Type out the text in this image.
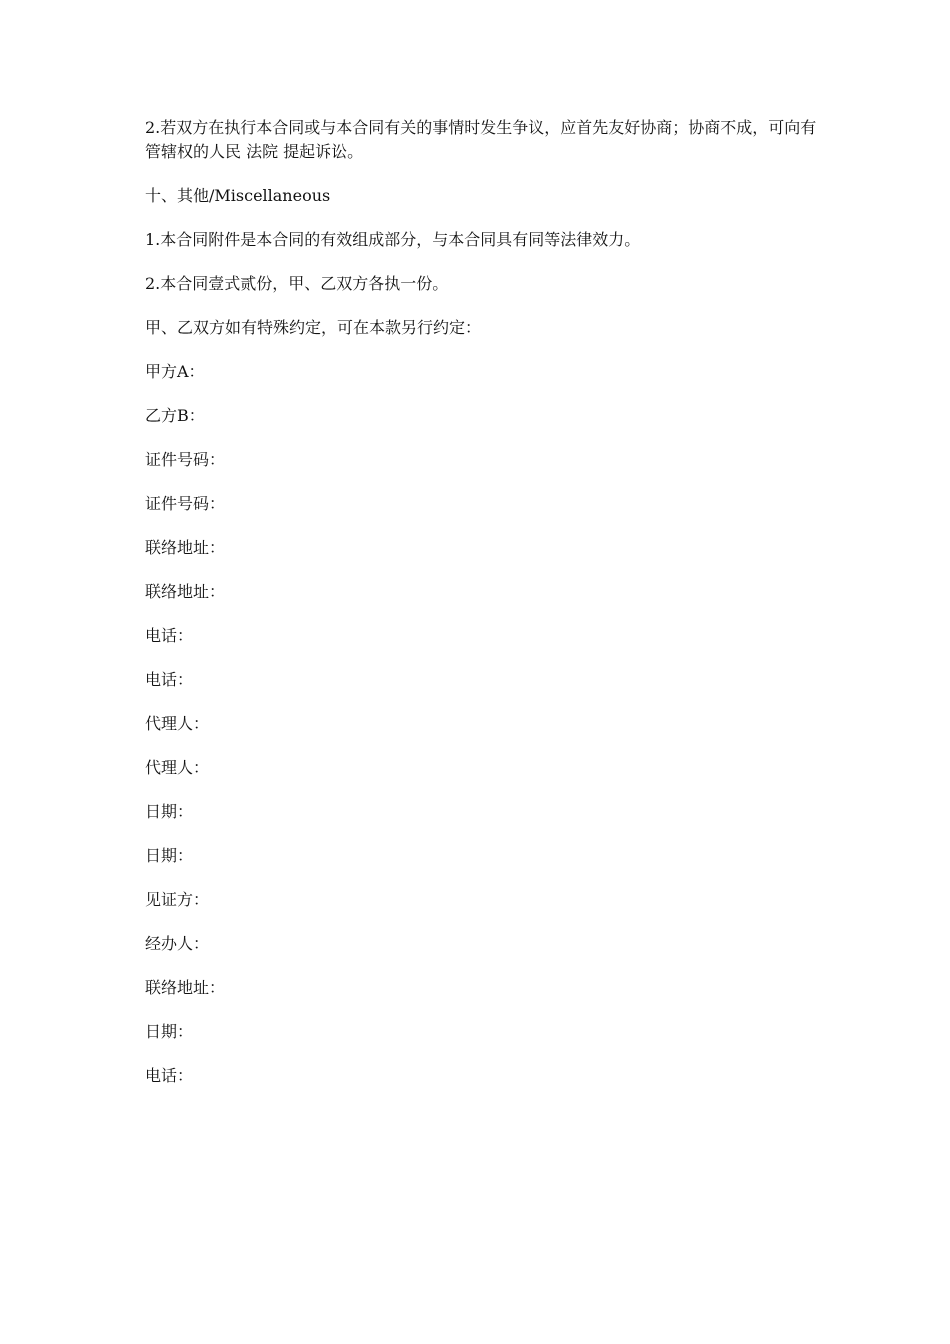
2.若双方在执行本合同或与本合同有关的事情时发生争议，应首先友好协商；协商不成，可向有管辖权的人民 法院 提起诉讼。

十、其他/Miscellaneous

1.本合同附件是本合同的有效组成部分，与本合同具有同等法律效力。

2.本合同壹式贰份，甲、乙双方各执一份。

甲、乙双方如有特殊约定，可在本款另行约定：

甲方A：

乙方B：

证件号码：

证件号码：

联络地址：

联络地址：

电话：

电话：

代理人：

代理人：

日期：

日期：

见证方：

经办人：

联络地址：

日期：

电话：
